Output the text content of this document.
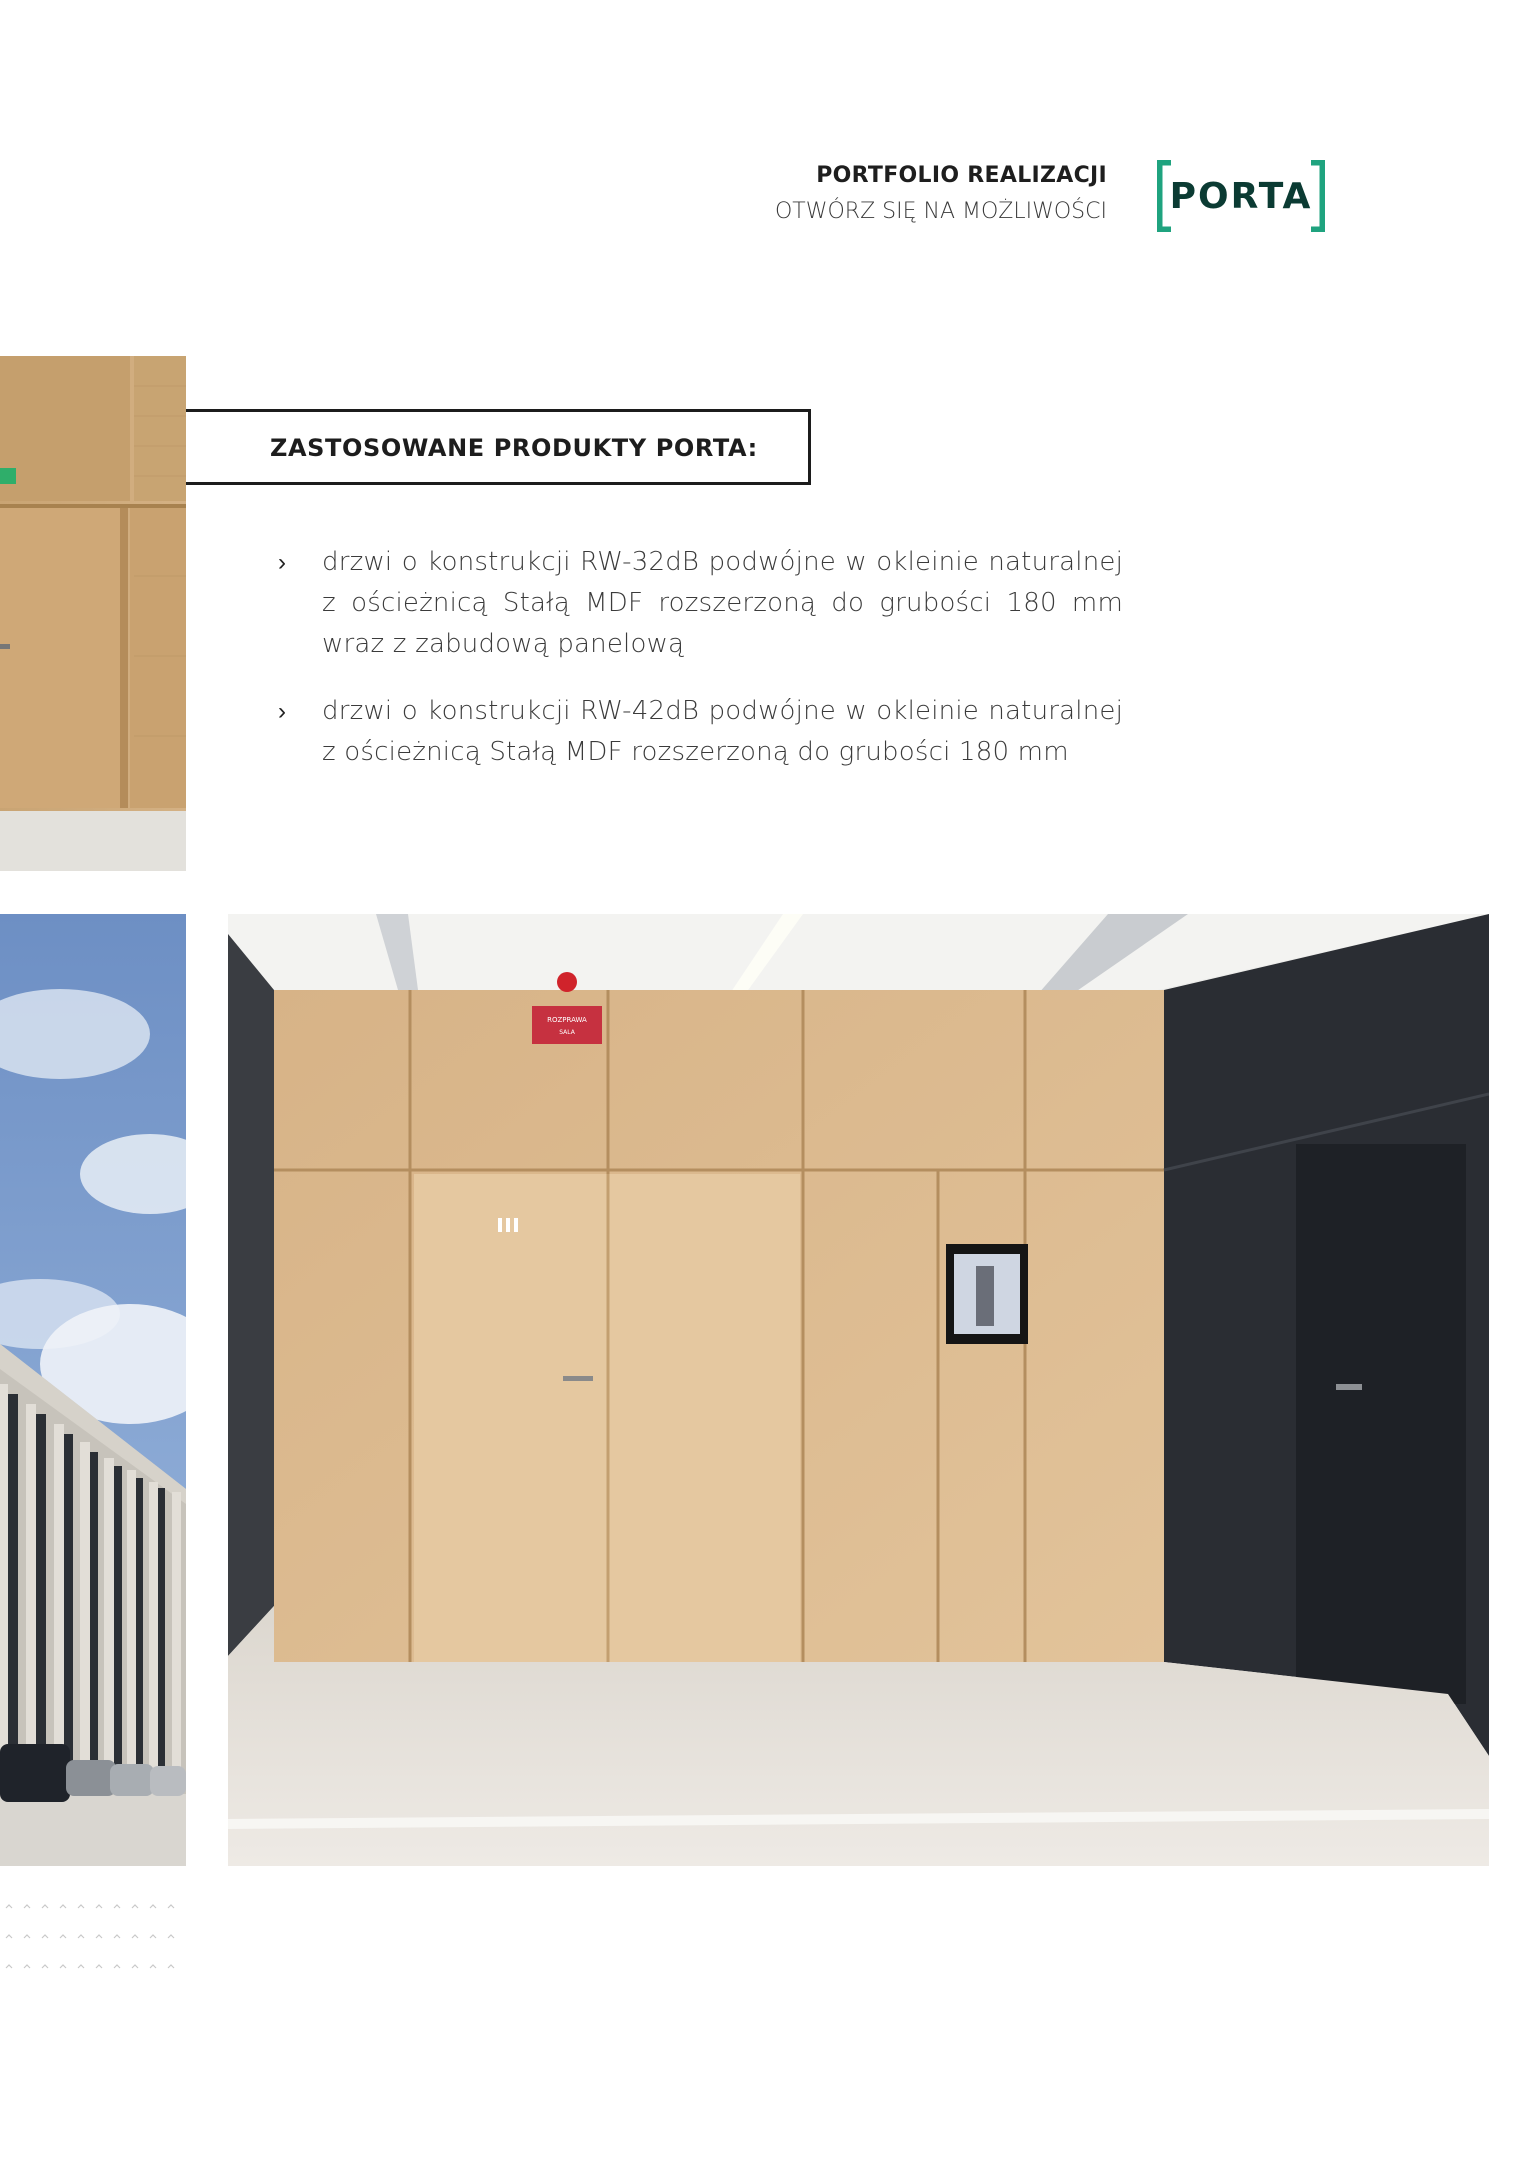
PORTFOLIO REALIZACJI
OTWÓRZ SIĘ NA MOŻLIWOŚCI PORTA
ZASTOSOWANE PRODUKTY PORTA:
› drzwi o konstrukcji RW-32dB podwójne w okleinie naturalnej z ościeżnicą Stałą MDF rozszerzoną do grubości 180 mm wraz z zabudową panelową
› drzwi o konstrukcji RW-42dB podwójne w okleinie naturalnej z ościeżnicą Stałą MDF rozszerzoną do grubości 180 mm
ROZPRAWA
SALA
